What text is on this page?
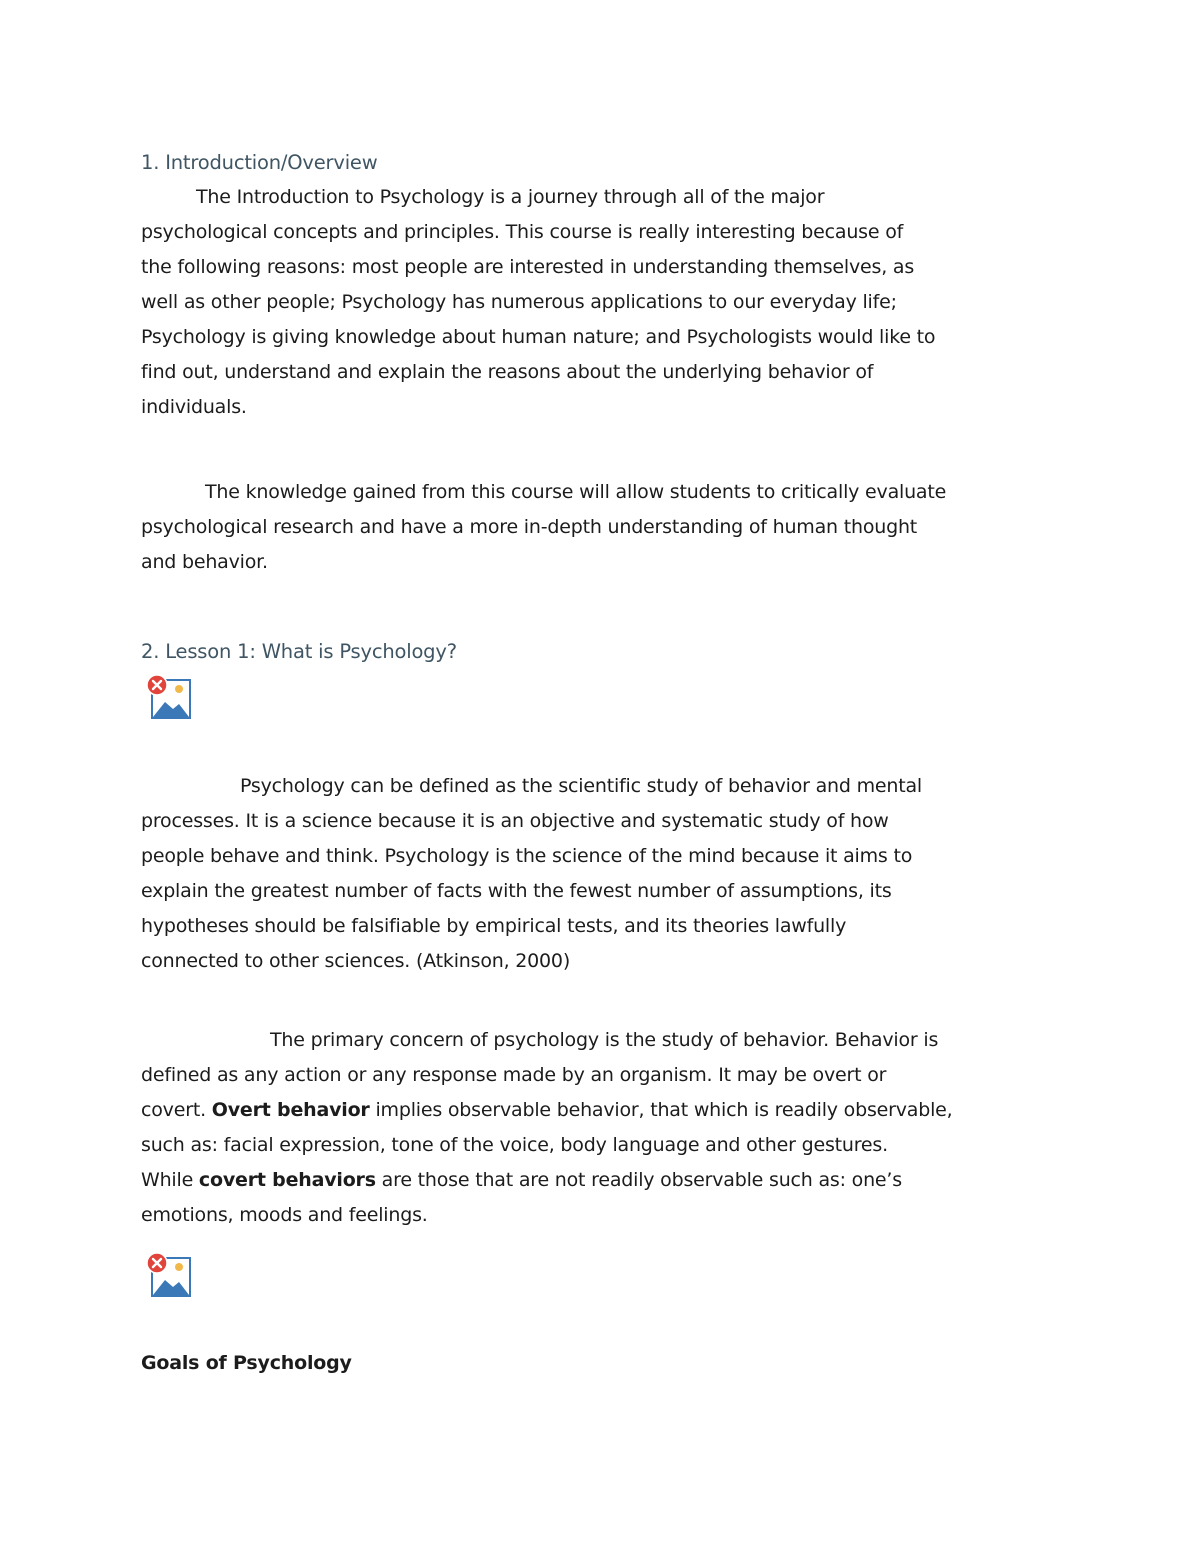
1. Introduction/Overview
The Introduction to Psychology is a journey through all of the major
psychological concepts and principles. This course is really interesting because of
the following reasons: most people are interested in understanding themselves, as
well as other people; Psychology has numerous applications to our everyday life;
Psychology is giving knowledge about human nature; and Psychologists would like to
find out, understand and explain the reasons about the underlying behavior of
individuals.
The knowledge gained from this course will allow students to critically evaluate
psychological research and have a more in-depth understanding of human thought
and behavior.
2. Lesson 1: What is Psychology?
Psychology can be defined as the scientific study of behavior and mental
processes. It is a science because it is an objective and systematic study of how
people behave and think. Psychology is the science of the mind because it aims to
explain the greatest number of facts with the fewest number of assumptions, its
hypotheses should be falsifiable by empirical tests, and its theories lawfully
connected to other sciences. (Atkinson, 2000)
The primary concern of psychology is the study of behavior. Behavior is
defined as any action or any response made by an organism. It may be overt or
covert. Overt behavior implies observable behavior, that which is readily observable,
such as: facial expression, tone of the voice, body language and other gestures.
While covert behaviors are those that are not readily observable such as: one’s
emotions, moods and feelings.
Goals of Psychology
